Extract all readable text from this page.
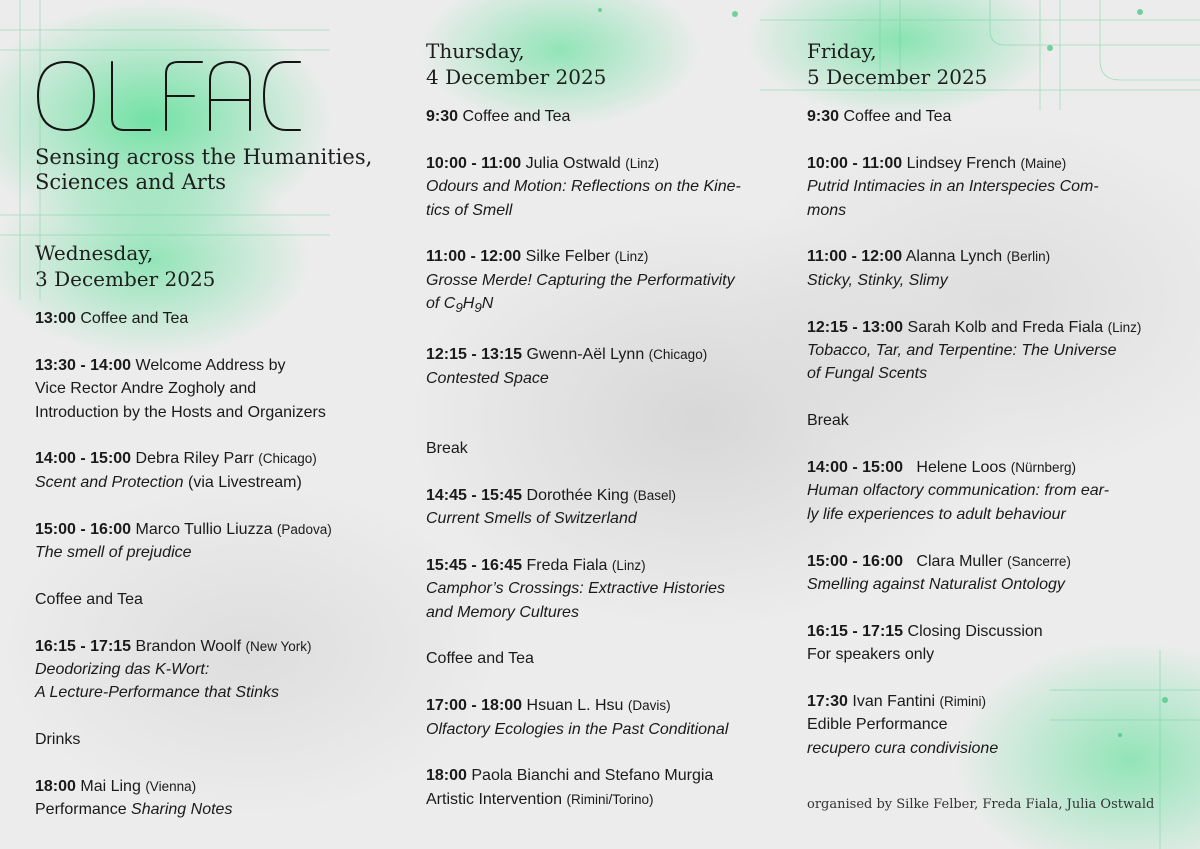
Sensing across the Humanities,
Sciences and Arts
Wednesday,
3 December 2025
Thursday,
4 December 2025
Friday,
5 December 2025

13:00 Coffee and Tea

13:30 - 14:00 Welcome Address by
Vice Rector Andre Zogholy and
Introduction by the Hosts and Organizers

14:00 - 15:00 Debra Riley Parr (Chicago)
Scent and Protection (via Livestream)

15:00 - 16:00 Marco Tullio Liuzza (Padova)
The smell of prejudice

Coffee and Tea

16:15 - 17:15 Brandon Woolf (New York)
Deodorizing das K-Wort:
A Lecture-Performance that Stinks

Drinks

18:00 Mai Ling (Vienna)
Performance Sharing Notes

9:30 Coffee and Tea

10:00 - 11:00 Julia Ostwald (Linz)
Odours and Motion: Reflections on the Kine-
tics of Smell

11:00 - 12:00 Silke Felber (Linz)
Grosse Merde! Capturing the Performativity
of $C_9H_9N$

12:15 - 13:15 Gwenn-Aël Lynn (Chicago)
Contested Space

Break

14:45 - 15:45 Dorothée King (Basel)
Current Smells of Switzerland

15:45 - 16:45 Freda Fiala (Linz)
Camphor’s Crossings: Extractive Histories
and Memory Cultures

Coffee and Tea

17:00 - 18:00 Hsuan L. Hsu (Davis)
Olfactory Ecologies in the Past Conditional

18:00 Paola Bianchi and Stefano Murgia
Artistic Intervention (Rimini/Torino)

9:30 Coffee and Tea

10:00 - 11:00 Lindsey French (Maine)
Putrid Intimacies in an Interspecies Com-
mons

11:00 - 12:00 Alanna Lynch (Berlin)
Sticky, Stinky, Slimy

12:15 - 13:00 Sarah Kolb and Freda Fiala (Linz)
Tobacco, Tar, and Terpentine: The Universe
of Fungal Scents

Break

14:00 - 15:00 Helene Loos (Nürnberg)
Human olfactory communication: from ear-
ly life experiences to adult behaviour

15:00 - 16:00 Clara Muller (Sancerre)
Smelling against Naturalist Ontology

16:15 - 17:15 Closing Discussion
For speakers only

17:30 Ivan Fantini (Rimini)
Edible Performance
recupero cura condivisione

organised by Silke Felber, Freda Fiala, Julia Ostwald
